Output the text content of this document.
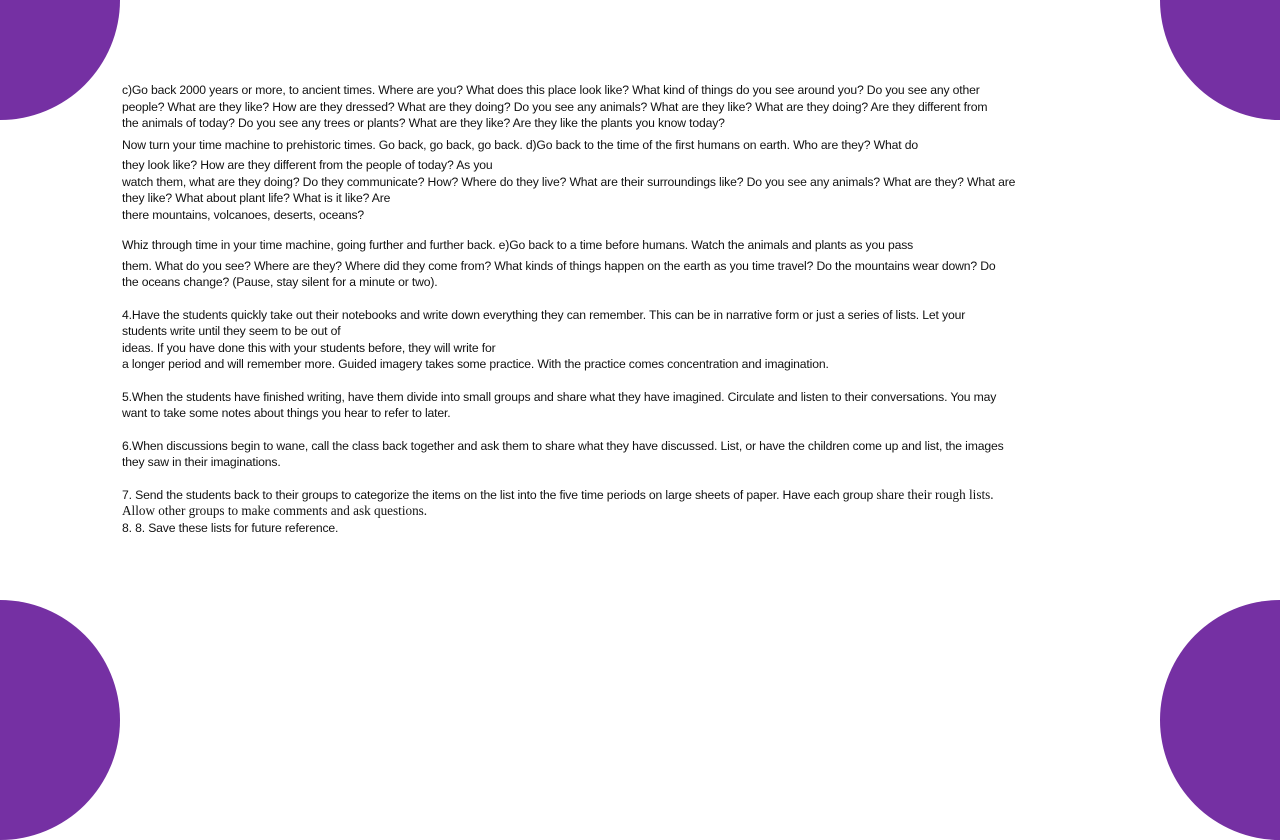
c)Go back 2000 years or more, to ancient times. Where are you? What does this place look like? What kind of things do you see around you? Do you see any other
people? What are they like? How are they dressed? What are they doing? Do you see any animals? What are they like? What are they doing? Are they different from
the animals of today? Do you see any trees or plants? What are they like? Are they like the plants you know today?

Now turn your time machine to prehistoric times. Go back, go back, go back. d)Go back to the time of the first humans on earth. Who are they? What do
they look like? How are they different from the people of today? As you
watch them, what are they doing? Do they communicate? How? Where do they live? What are their surroundings like? Do you see any animals? What are they? What are
they like? What about plant life? What is it like? Are
there mountains, volcanoes, deserts, oceans?

Whiz through time in your time machine, going further and further back. e)Go back to a time before humans. Watch the animals and plants as you pass
them. What do you see? Where are they? Where did they come from? What kinds of things happen on the earth as you time travel? Do the mountains wear down? Do
the oceans change? (Pause, stay silent for a minute or two).

4.Have the students quickly take out their notebooks and write down everything they can remember. This can be in narrative form or just a series of lists. Let your
students write until they seem to be out of
ideas. If you have done this with your students before, they will write for
a longer period and will remember more. Guided imagery takes some practice. With the practice comes concentration and imagination.

5.When the students have finished writing, have them divide into small groups and share what they have imagined. Circulate and listen to their conversations. You may
want to take some notes about things you hear to refer to later.

6.When discussions begin to wane, call the class back together and ask them to share what they have discussed. List, or have the children come up and list, the images
they saw in their imaginations.

7. Send the students back to their groups to categorize the items on the list into the five time periods on large sheets of paper. Have each group share their rough lists.
Allow other groups to make comments and ask questions.

8. 8. Save these lists for future reference.
